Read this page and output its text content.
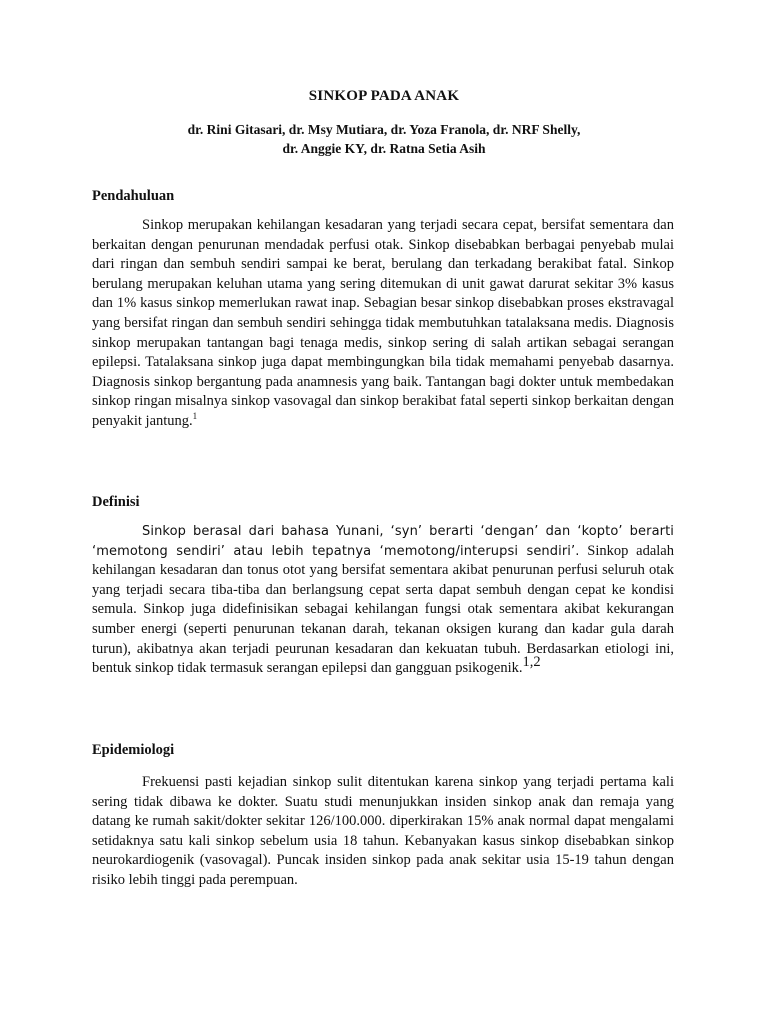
SINKOP PADA ANAK
dr. Rini Gitasari, dr. Msy Mutiara, dr. Yoza Franola, dr. NRF Shelly,
dr. Anggie KY, dr. Ratna Setia Asih
Pendahuluan

Sinkop merupakan kehilangan kesadaran yang terjadi secara cepat, bersifat sementara dan berkaitan dengan penurunan mendadak perfusi otak. Sinkop disebabkan berbagai penyebab mulai dari ringan dan sembuh sendiri sampai ke berat, berulang dan terkadang berakibat fatal. Sinkop berulang merupakan keluhan utama yang sering ditemukan di unit gawat darurat sekitar 3% kasus dan 1% kasus sinkop memerlukan rawat inap. Sebagian besar sinkop disebabkan proses ekstravagal yang bersifat ringan dan sembuh sendiri sehingga tidak membutuhkan tatalaksana medis. Diagnosis sinkop merupakan tantangan bagi tenaga medis, sinkop sering di salah artikan sebagai serangan epilepsi. Tatalaksana sinkop juga dapat membingungkan bila tidak memahami penyebab dasarnya. Diagnosis sinkop bergantung pada anamnesis yang baik. Tantangan bagi dokter untuk membedakan sinkop ringan misalnya sinkop vasovagal dan sinkop berakibat fatal seperti sinkop berkaitan dengan penyakit jantung.$^1$

Definisi

Sinkop berasal dari bahasa Yunani, ‘syn’ berarti ‘dengan’ dan ‘kopto’ berarti ‘memotong sendiri’ atau lebih tepatnya ‘memotong/interupsi sendiri’. Sinkop adalah kehilangan kesadaran dan tonus otot yang bersifat sementara akibat penurunan perfusi seluruh otak yang terjadi secara tiba-tiba dan berlangsung cepat serta dapat sembuh dengan cepat ke kondisi semula. Sinkop juga didefinisikan sebagai kehilangan fungsi otak sementara akibat kekurangan sumber energi (seperti penurunan tekanan darah, tekanan oksigen kurang dan kadar gula darah turun), akibatnya akan terjadi peurunan kesadaran dan kekuatan tubuh. Berdasarkan etiologi ini, bentuk sinkop tidak termasuk serangan epilepsi dan gangguan psikogenik.$^{1,2}$

Epidemiologi

Frekuensi pasti kejadian sinkop sulit ditentukan karena sinkop yang terjadi pertama kali sering tidak dibawa ke dokter. Suatu studi menunjukkan insiden sinkop anak dan remaja yang datang ke rumah sakit/dokter sekitar 126/100.000. diperkirakan 15% anak normal dapat mengalami setidaknya satu kali sinkop sebelum usia 18 tahun. Kebanyakan kasus sinkop disebabkan sinkop neurokardiogenik (vasovagal). Puncak insiden sinkop pada anak sekitar usia 15-19 tahun dengan risiko lebih tinggi pada perempuan.
